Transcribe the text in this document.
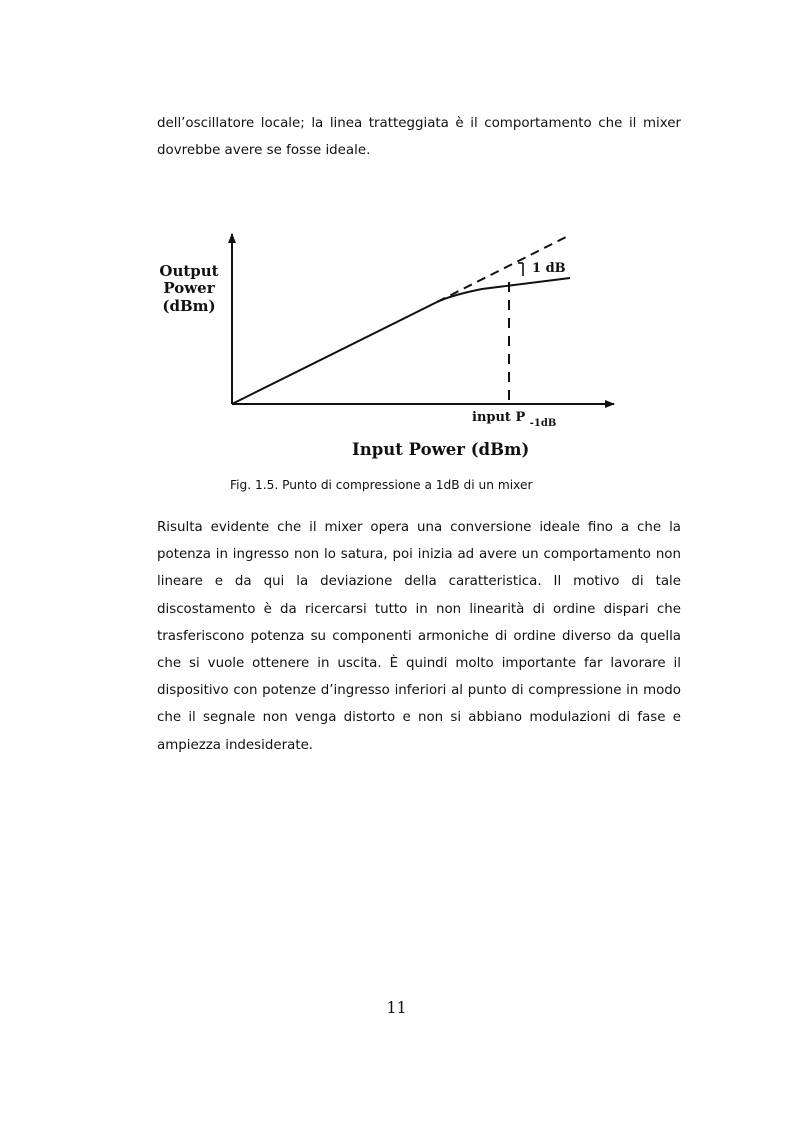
dell’oscillatore locale; la linea tratteggiata è il comportamento che il mixer dovrebbe avere se fosse ideale.

Output
Power
(dBm)
1 dB
input P $_{-1dB}$
Input Power (dBm)

Fig. 1.5. Punto di compressione a 1dB di un mixer

Risulta evidente che il mixer opera una conversione ideale fino a che la potenza in ingresso non lo satura, poi inizia ad avere un comportamento non lineare e da qui la deviazione della caratteristica. Il motivo di tale discostamento è da ricercarsi tutto in non linearità di ordine dispari che trasferiscono potenza su componenti armoniche di ordine diverso da quella che si vuole ottenere in uscita. È quindi molto importante far lavorare il dispositivo con potenze d’ingresso inferiori al punto di compressione in modo che il segnale non venga distorto e non si abbiano modulazioni di fase e ampiezza indesiderate.

11
